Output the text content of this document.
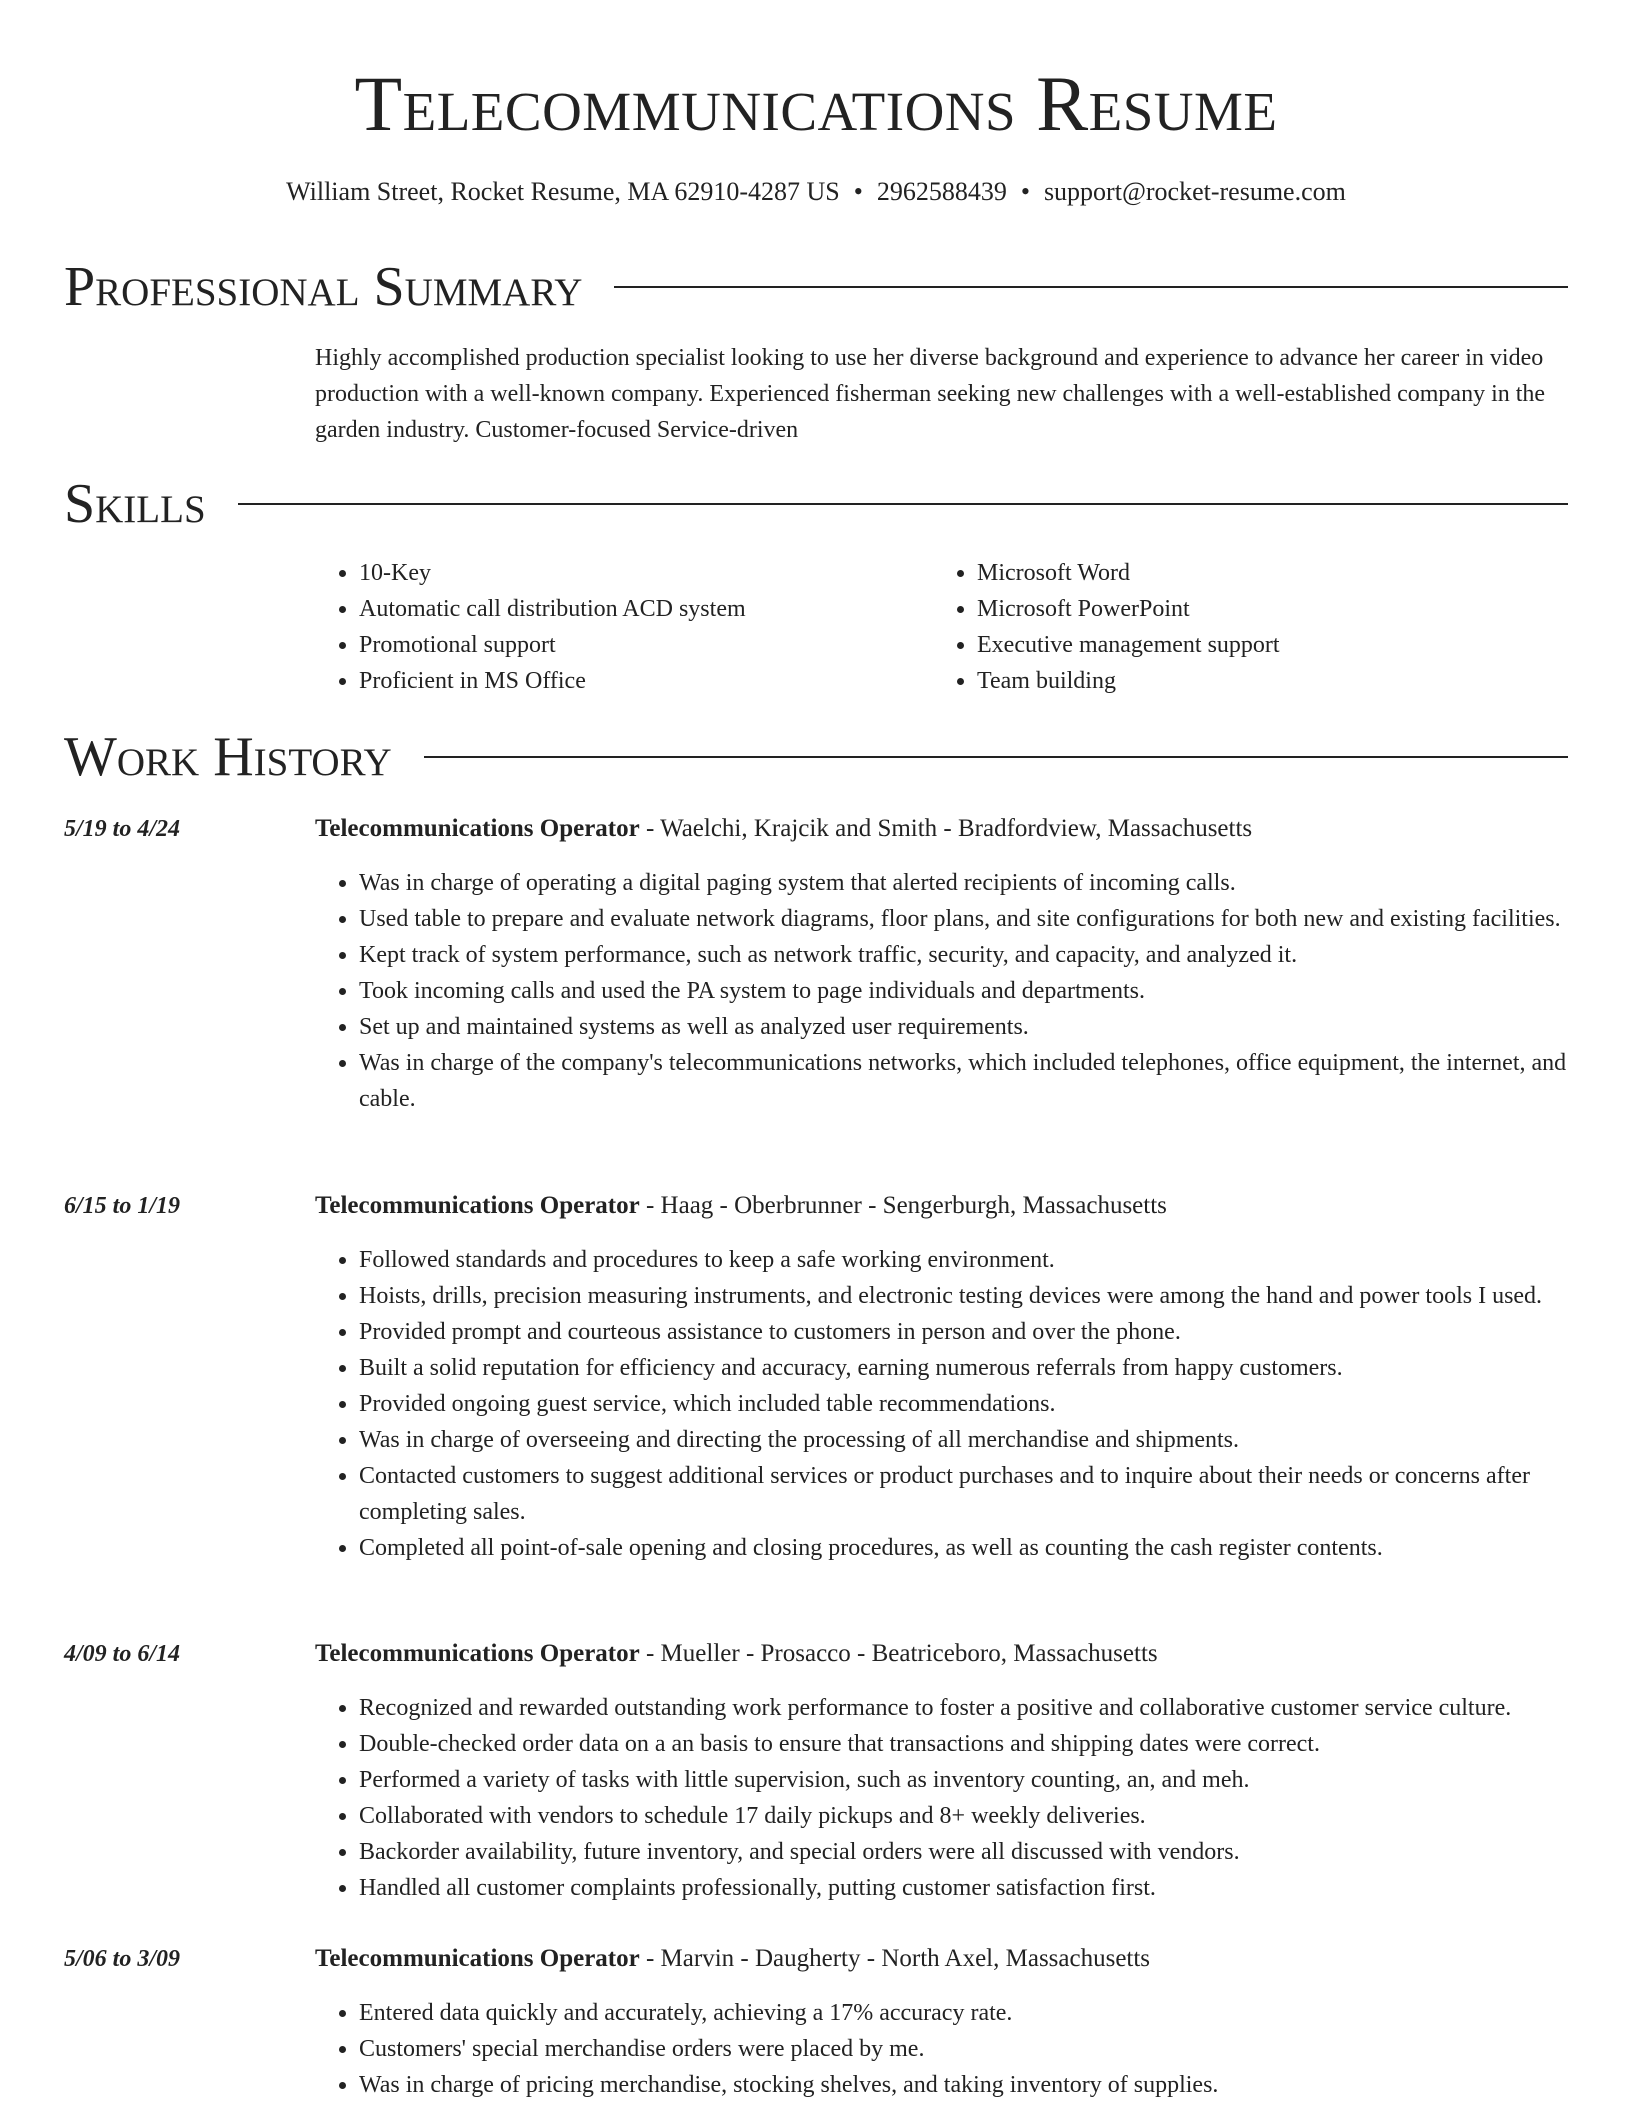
Telecommunications Resume
William Street, Rocket Resume, MA 62910-4287 US • 2962588439 • support@rocket-resume.com
Professional Summary
Highly accomplished production specialist looking to use her diverse background and experience to advance her career in video production with a well-known company. Experienced fisherman seeking new challenges with a well-established company in the garden industry. Customer-focused Service-driven
Skills
• 10-Key
• Automatic call distribution ACD system
• Promotional support
• Proficient in MS Office
• Microsoft Word
• Microsoft PowerPoint
• Executive management support
• Team building
Work History
5/19 to 4/24	Telecommunications Operator - Waelchi, Krajcik and Smith - Bradfordview, Massachusetts
• Was in charge of operating a digital paging system that alerted recipients of incoming calls.
• Used table to prepare and evaluate network diagrams, floor plans, and site configurations for both new and existing facilities.
• Kept track of system performance, such as network traffic, security, and capacity, and analyzed it.
• Took incoming calls and used the PA system to page individuals and departments.
• Set up and maintained systems as well as analyzed user requirements.
• Was in charge of the company's telecommunications networks, which included telephones, office equipment, the internet, and cable.
6/15 to 1/19	Telecommunications Operator - Haag - Oberbrunner - Sengerburgh, Massachusetts
• Followed standards and procedures to keep a safe working environment.
• Hoists, drills, precision measuring instruments, and electronic testing devices were among the hand and power tools I used.
• Provided prompt and courteous assistance to customers in person and over the phone.
• Built a solid reputation for efficiency and accuracy, earning numerous referrals from happy customers.
• Provided ongoing guest service, which included table recommendations.
• Was in charge of overseeing and directing the processing of all merchandise and shipments.
• Contacted customers to suggest additional services or product purchases and to inquire about their needs or concerns after completing sales.
• Completed all point-of-sale opening and closing procedures, as well as counting the cash register contents.
4/09 to 6/14	Telecommunications Operator - Mueller - Prosacco - Beatriceboro, Massachusetts
• Recognized and rewarded outstanding work performance to foster a positive and collaborative customer service culture.
• Double-checked order data on a an basis to ensure that transactions and shipping dates were correct.
• Performed a variety of tasks with little supervision, such as inventory counting, an, and meh.
• Collaborated with vendors to schedule 17 daily pickups and 8+ weekly deliveries.
• Backorder availability, future inventory, and special orders were all discussed with vendors.
• Handled all customer complaints professionally, putting customer satisfaction first.
5/06 to 3/09	Telecommunications Operator - Marvin - Daugherty - North Axel, Massachusetts
• Entered data quickly and accurately, achieving a 17% accuracy rate.
• Customers' special merchandise orders were placed by me.
• Was in charge of pricing merchandise, stocking shelves, and taking inventory of supplies.
